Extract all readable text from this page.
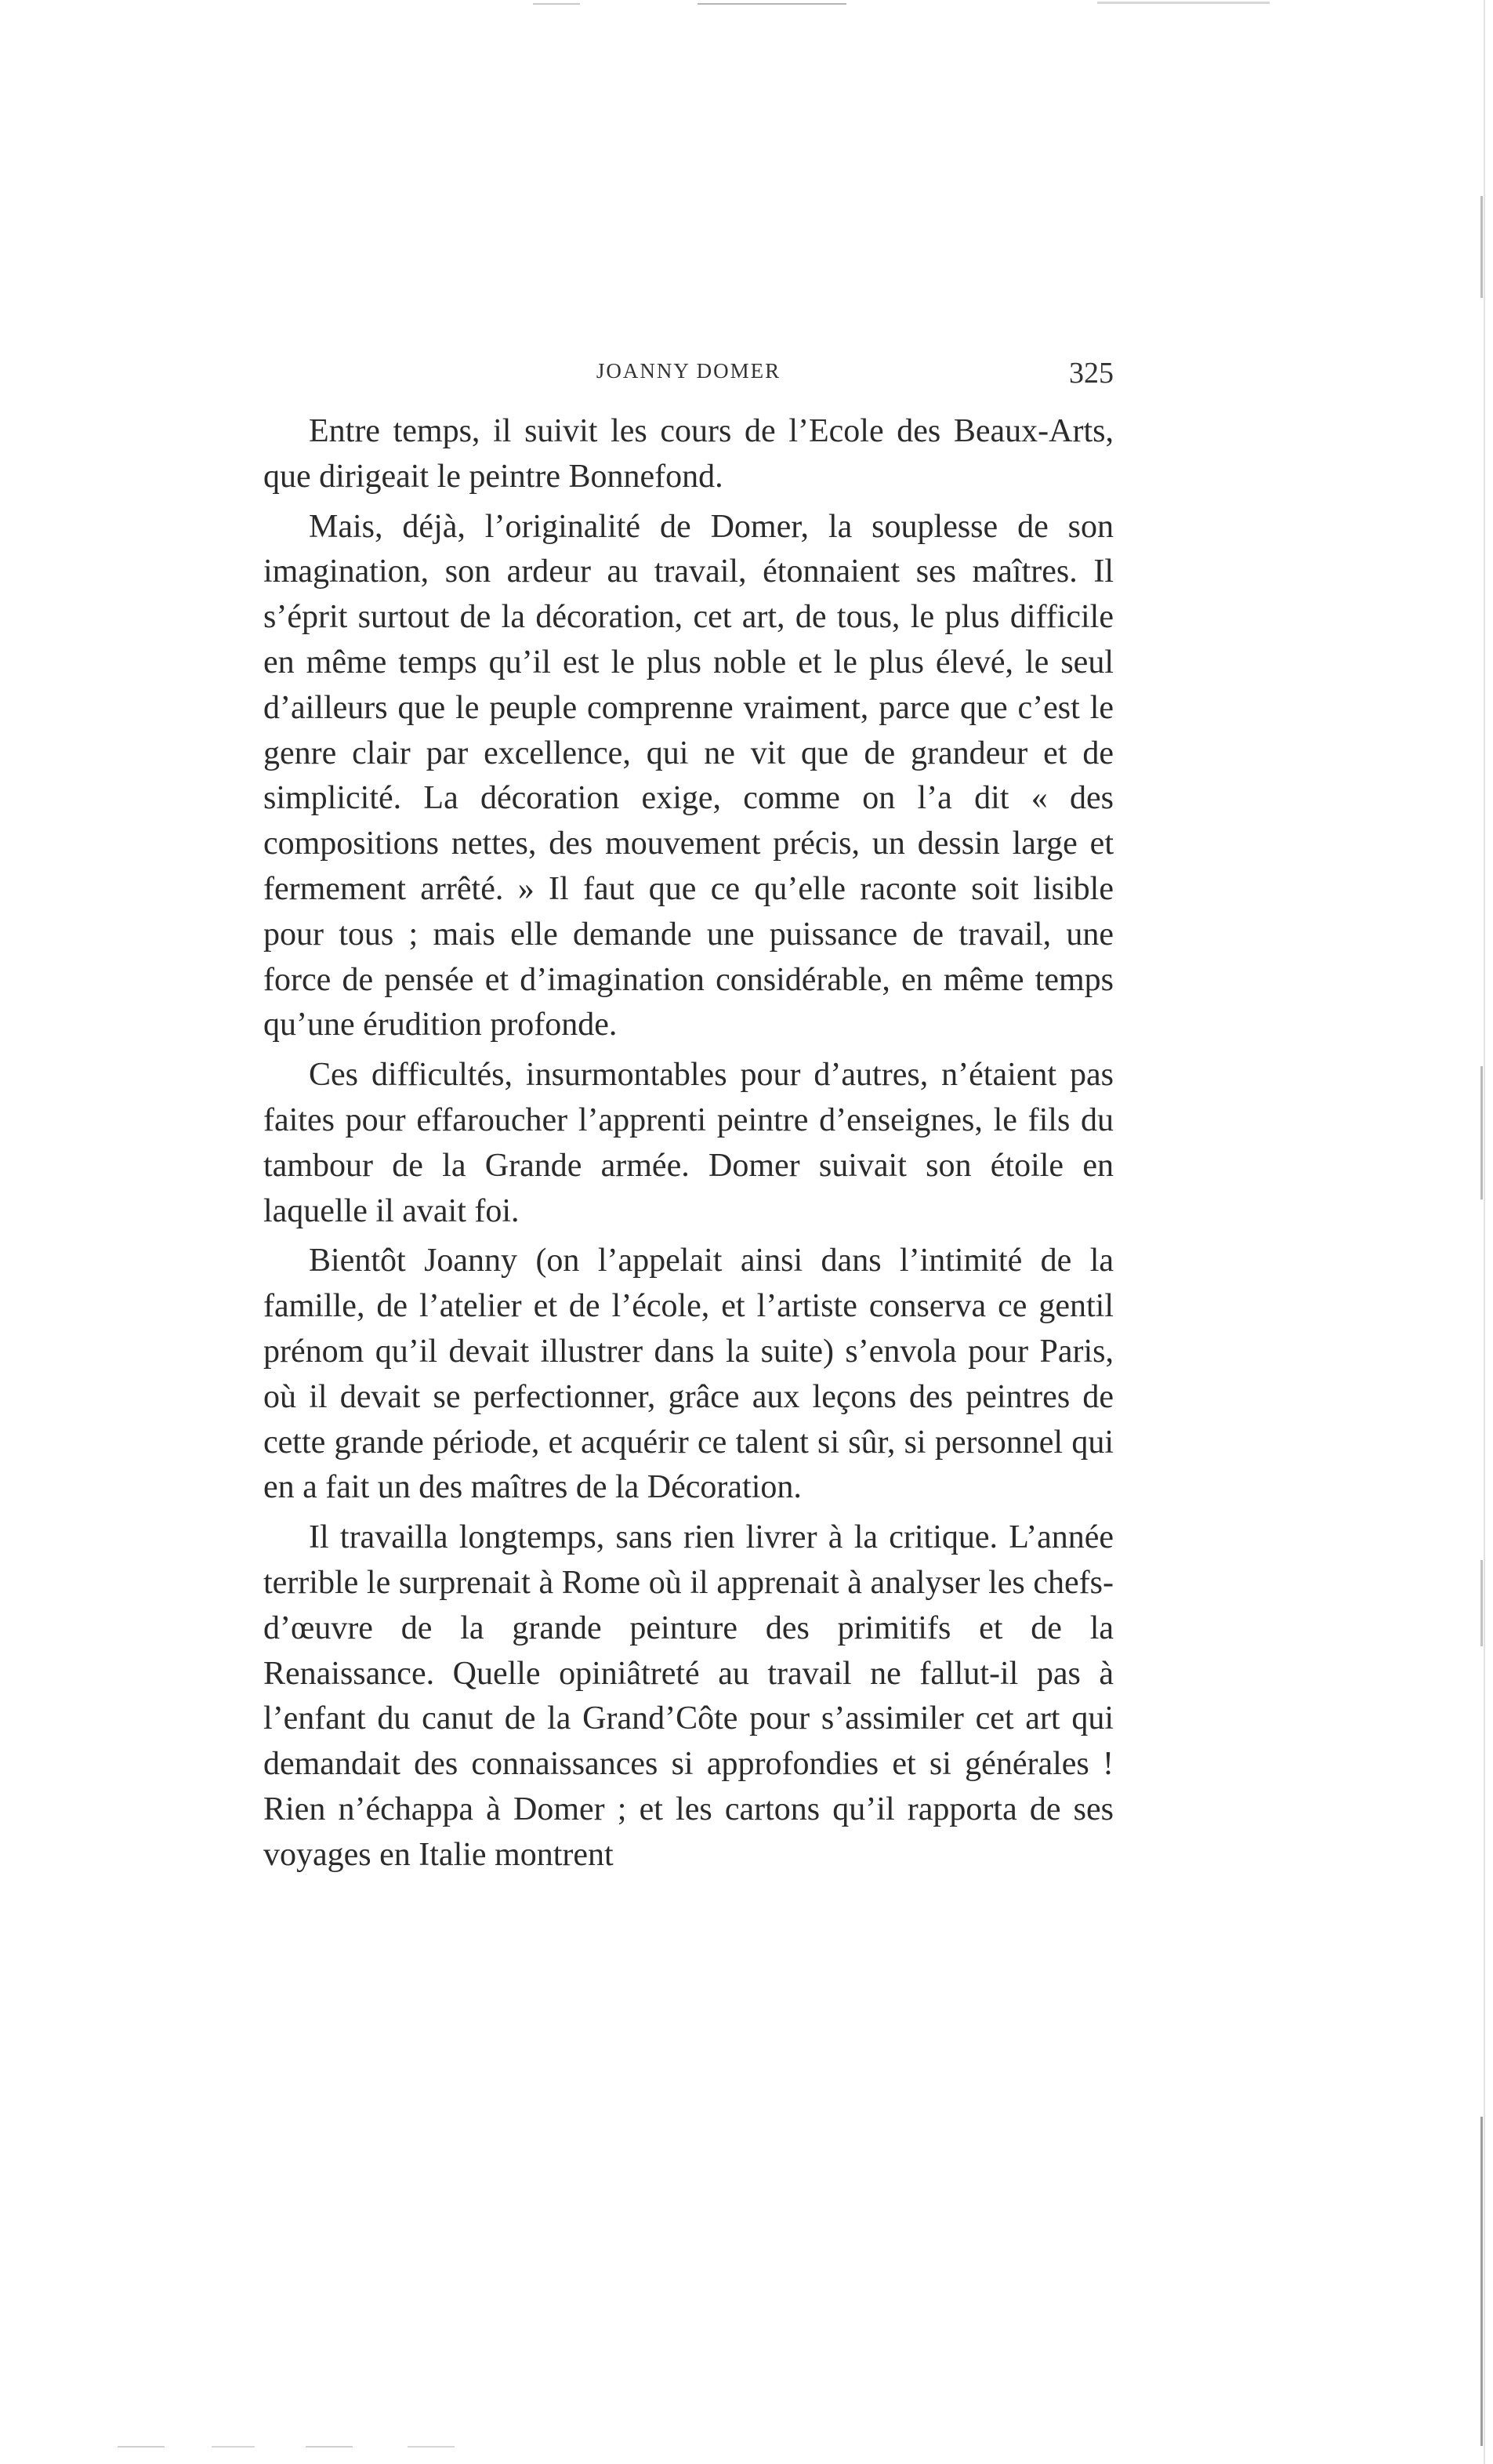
JOANNY DOMER	325

Entre temps, il suivit les cours de l’Ecole des Beaux-Arts, que dirigeait le peintre Bonnefond.

Mais, déjà, l’originalité de Domer, la souplesse de son imagination, son ardeur au travail, étonnaient ses maîtres. Il s’éprit surtout de la décoration, cet art, de tous, le plus difficile en même temps qu’il est le plus noble et le plus élevé, le seul d’ailleurs que le peuple comprenne vraiment, parce que c’est le genre clair par excellence, qui ne vit que de grandeur et de simplicité. La décoration exige, comme on l’a dit « des compositions nettes, des mouvement précis, un dessin large et fermement arrêté. » Il faut que ce qu’elle raconte soit lisible pour tous ; mais elle demande une puissance de travail, une force de pensée et d’imagination considérable, en même temps qu’une érudition profonde.

Ces difficultés, insurmontables pour d’autres, n’étaient pas faites pour effaroucher l’apprenti peintre d’enseignes, le fils du tambour de la Grande armée. Domer suivait son étoile en laquelle il avait foi.

Bientôt Joanny (on l’appelait ainsi dans l’intimité de la famille, de l’atelier et de l’école, et l’artiste conserva ce gentil prénom qu’il devait illustrer dans la suite) s’envola pour Paris, où il devait se perfectionner, grâce aux leçons des peintres de cette grande période, et acquérir ce talent si sûr, si personnel qui en a fait un des maîtres de la Décoration.

Il travailla longtemps, sans rien livrer à la critique. L’année terrible le surprenait à Rome où il apprenait à analyser les chefs-d’œuvre de la grande peinture des primitifs et de la Renaissance. Quelle opiniâtreté au travail ne fallut-il pas à l’enfant du canut de la Grand’Côte pour s’assimiler cet art qui demandait des connaissances si approfondies et si générales ! Rien n’échappa à Domer ; et les cartons qu’il rapporta de ses voyages en Italie montrent
